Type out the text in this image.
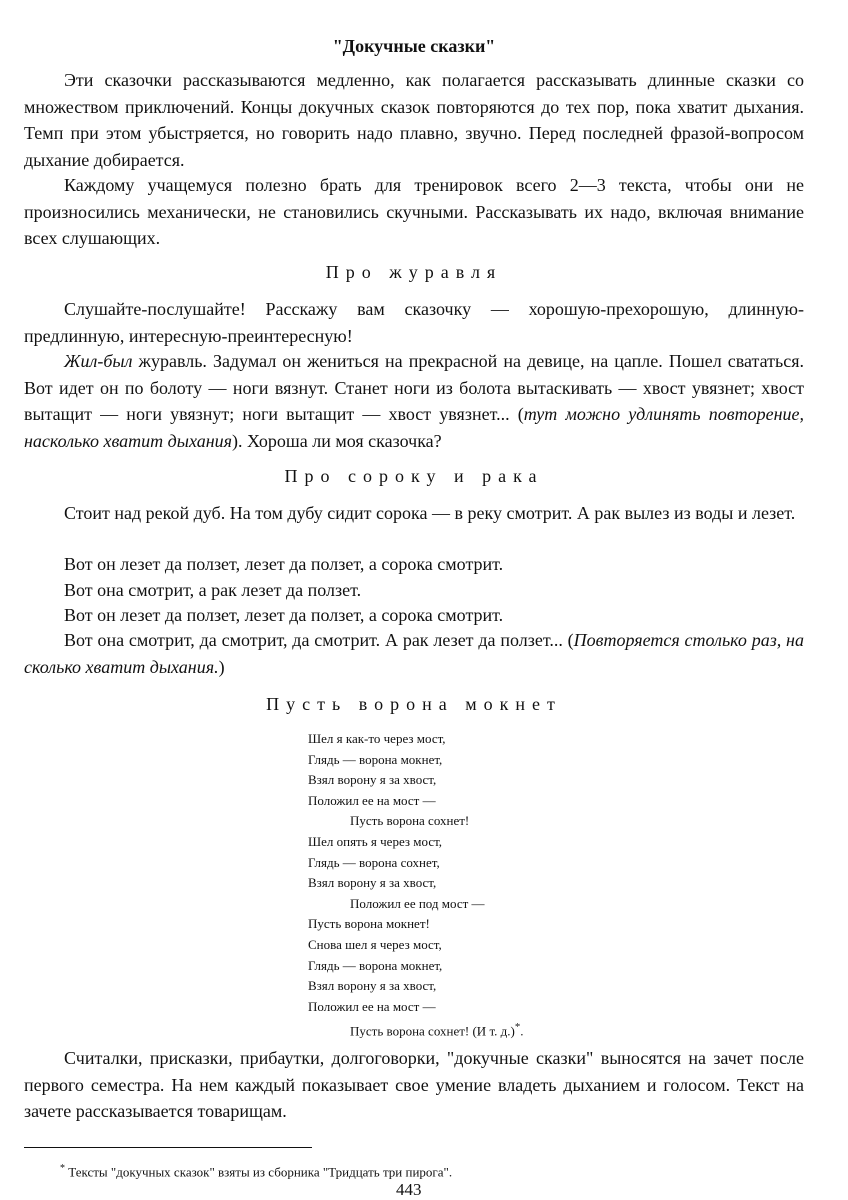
"Докучные сказки"

Эти сказочки рассказываются медленно, как полагается рассказывать длинные сказки со множеством приключений. Концы докучных сказок повторяются до тех пор, пока хватит дыхания. Темп при этом убыстряется, но говорить надо плавно, звучно. Перед последней фразой-вопросом дыхание добирается.

Каждому учащемуся полезно брать для тренировок всего 2—3 текста, чтобы они не произносились механически, не становились скучными. Рассказывать их надо, включая внимание всех слушающих.

Про журавля

Слушайте-послушайте! Расскажу вам сказочку — хорошую-прехорошую, длинную-предлинную, интересную-преинтересную!

Жил-был журавль. Задумал он жениться на прекрасной на девице, на цапле. Пошел свататься. Вот идет он по болоту — ноги вязнут. Станет ноги из болота вытаскивать — хвост увязнет; хвост вытащит — ноги увязнут; ноги вытащит — хвост увязнет... (тут можно удлинять повторение, насколько хватит дыхания). Хороша ли моя сказочка?

Про сороку и рака

Стоит над рекой дуб. На том дубу сидит сорока — в реку смотрит. А рак вылез из воды и лезет.

Вот он лезет да ползет, лезет да ползет, а сорока смотрит.

Вот она смотрит, а рак лезет да ползет.

Вот он лезет да ползет, лезет да ползет, а сорока смотрит.

Вот она смотрит, да смотрит, да смотрит. А рак лезет да ползет... (Повторяется столько раз, на сколько хватит дыхания.)

Пусть ворона мокнет
Шел я как-то через мост,
Глядь — ворона мокнет,
Взял ворону я за хвост,
Положил ее на мост —
Пусть ворона сохнет!
Шел опять я через мост,
Глядь — ворона сохнет,
Взял ворону я за хвост,
Положил ее под мост —
Пусть ворона мокнет!
Снова шел я через мост,
Глядь — ворона мокнет,
Взял ворону я за хвост,
Положил ее на мост —
Пусть ворона сохнет! (И т. д.)*.

Считалки, присказки, прибаутки, долгоговорки, "докучные сказки" выносятся на зачет после первого семестра. На нем каждый показывает свое умение владеть дыханием и голосом. Текст на зачете рассказывается товарищам.

* Тексты "докучных сказок" взяты из сборника "Тридцать три пирога".
443
